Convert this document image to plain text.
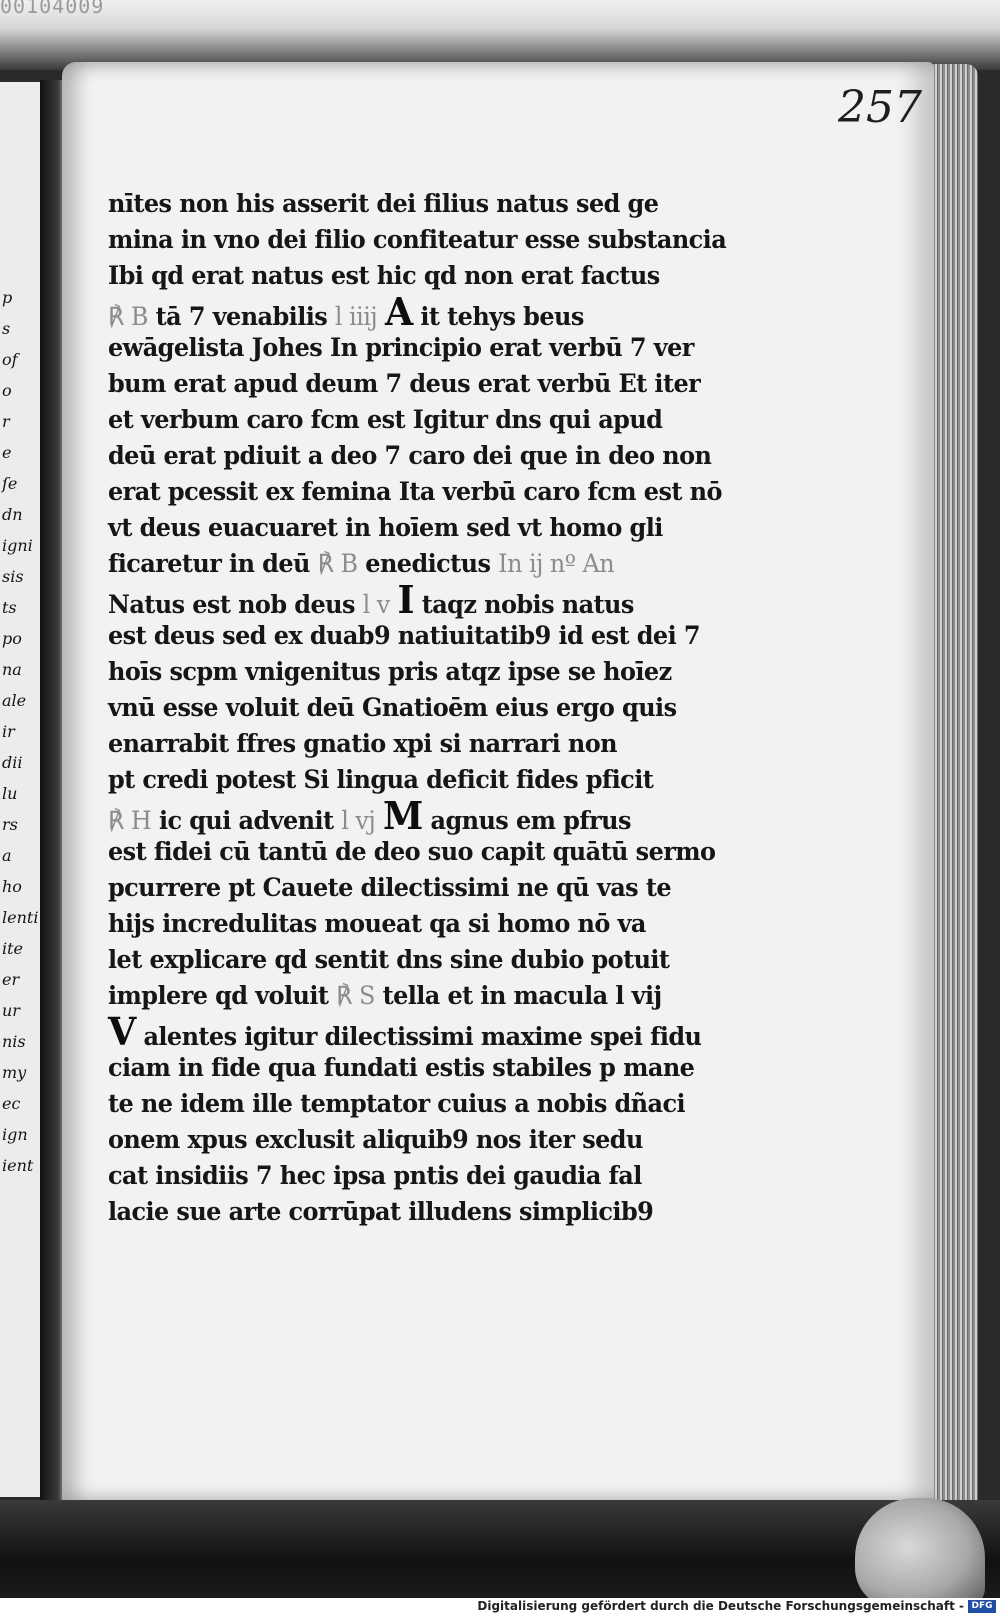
00104009
p
s
of
o
r
e
ſe
dn
igni
sis
ts
po
na
ale
ir
dii
lu
rs
a
ho
lenti
ite
er
ur
nis
my
ec
ign
ient
257
nītes non his asserit dei filius natus sed ge
mina in vno dei filio confiteatur esse substancia
Ibi qd erat natus est hic qd non erat factus
℟ B tā 7 venabilis l iiij A it tehys beus
ewāgelista Johes In principio erat verbū 7 ver
bum erat apud deum 7 deus erat verbū Et iter
et verbum caro fcm est Igitur dns qui apud
deū erat pdiuit a deo 7 caro dei que in deo non
erat pcessit ex femina Ita verbū caro fcm est nō
vt deus euacuaret in hoīem sed vt homo gli
ficaretur in deū ℟ B enedictus In ij nº An
Natus est nob deus l v I taqz nobis natus
est deus sed ex duab9 natiuitatib9 id est dei 7
hoīs scpm vnigenitus pris atqz ipse se hoīez
vnū esse voluit deū Gnatioēm eius ergo quis
enarrabit ffres gnatio xpi si narrari non
pt credi potest Si lingua deficit fides pficit
℟ H ic qui advenit l vj M agnus em pfrus
est fidei cū tantū de deo suo capit quātū sermo
pcurrere pt Cauete dilectissimi ne qū vas te
hijs incredulitas moueat qa si homo nō va
let explicare qd sentit dns sine dubio potuit
implere qd voluit ℟ S tella et in macula l vij
V alentes igitur dilectissimi maxime spei fidu
ciam in fide qua fundati estis stabiles p mane
te ne idem ille temptator cuius a nobis dñaci
onem xpus exclusit aliquib9 nos iter sedu
cat insidiis 7 hec ipsa pntis dei gaudia fal
lacie sue arte corrūpat illudens simplicib9
Digitalisierung gefördert durch die Deutsche Forschungsgemeinschaft - DFG
